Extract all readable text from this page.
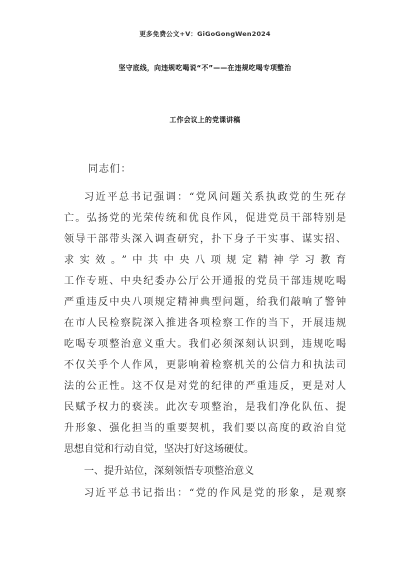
更多免费公文+V：GiGoGongWen2024
坚守底线，向违规吃喝说“不”——在违规吃喝专项整治
工作会议上的党课讲稿
同志们：
习近平总书记强调：“党风问题关系执政党的生死存
亡。弘扬党的光荣传统和优良作风，促进党员干部特别是
领导干部带头深入调查研究，扑下身子干实事、谋实招、
求实效。”中共中央八项规定精神学习教育
工作专班、中央纪委办公厅公开通报的党员干部违规吃喝
严重违反中央八项规定精神典型问题，给我们敲响了警钟
在市人民检察院深入推进各项检察工作的当下，开展违规
吃喝专项整治意义重大。我们必须深刻认识到，违规吃喝
不仅关乎个人作风，更影响着检察机关的公信力和执法司
法的公正性。这不仅是对党的纪律的严重违反，更是对人
民赋予权力的亵渎。此次专项整治，是我们净化队伍、提
升形象、强化担当的重要契机，我们要以高度的政治自觉
思想自觉和行动自觉，坚决打好这场硬仗。
一、提升站位，深刻领悟专项整治意义
习近平总书记指出：“党的作风是党的形象，是观察
